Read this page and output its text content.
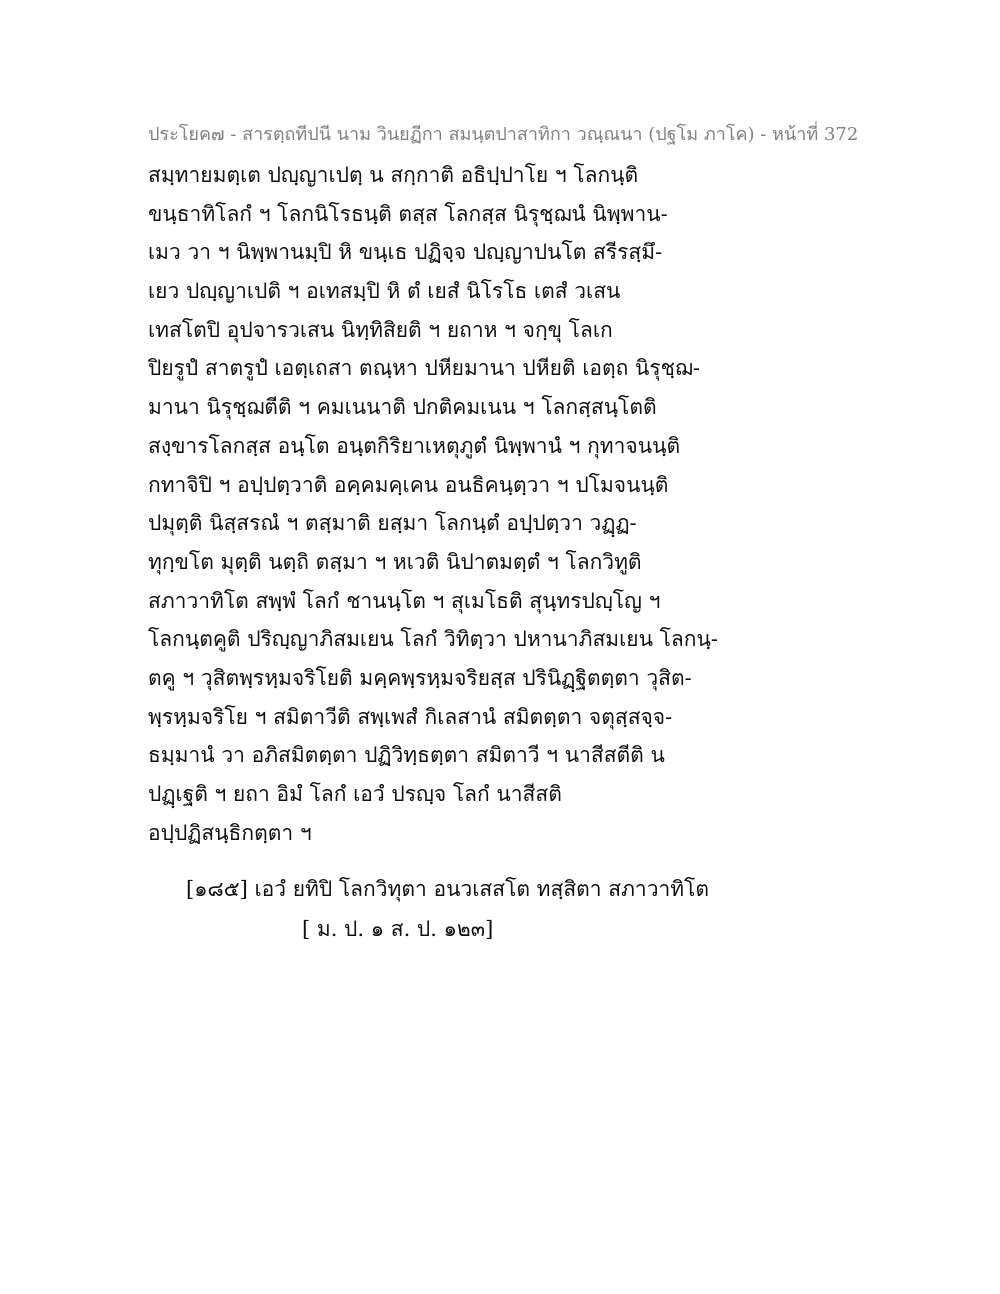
ประโยค๗ - สารตฺถทีปนี นาม วินยฏีกา สมนฺตปาสาทิกา วณฺณนา (ปฐโม ภาโค) - หน้าที่ 372
สมฺทายมตฺเต ปญฺญาเปตฺ น สกฺกาติ อธิปฺปาโย ฯ โลกนฺติ
ขนฺธาทิโลกํ ฯ โลกนิโรธนฺติ ตสฺส โลกสฺส นิรุชฺฌนํ นิพฺพาน-
เมว วา ฯ นิพฺพานมฺปิ หิ ขนฺเธ ปฏิจฺจ ปญฺญาปนโต สรีรสฺมึ-
เยว ปญฺญาเปติ ฯ อเทสมฺปิ หิ ตํ เยสํ นิโรโธ เตสํ วเสน
เทสโตปิ อุปจารวเสน นิทฺทิสิยติ ฯ ยถาห ฯ จกฺขุ โลเก
ปิยรูปํ สาตรูปํ เอตฺเถสา ตณฺหา ปหียมานา ปหียติ เอตฺถ นิรุชฺฌ-
มานา นิรุชฺฌตีติ ฯ คมเนนาติ ปกติคมเนน ฯ โลกสฺสนฺโตติ
สงฺขารโลกสฺส อนฺโต อนฺตกิริยาเหตุภูตํ นิพฺพานํ ฯ กุทาจนนฺติ
กทาจิปิ ฯ อปฺปตฺวาติ อคฺคมคฺเคน อนธิคนฺตฺวา ฯ ปโมจนนฺติ
ปมุตฺติ นิสฺสรณํ ฯ ตสฺมาติ ยสฺมา โลกนฺตํ อปฺปตฺวา วฏฺฏ-
ทุกฺขโต มุตฺติ นตฺถิ ตสฺมา ฯ หเวติ นิปาตมตฺตํ ฯ โลกวิทูติ
สภาวาทิโต สพฺพํ โลกํ ชานนฺโต ฯ สุเมโธติ สุนฺทรปญฺโญ ฯ
โลกนฺตคูติ ปริญฺญาภิสมเยน โลกํ วิทิตฺวา ปหานาภิสมเยน โลกนฺ-
ตคู ฯ วุสิตพฺรหฺมจริโยติ มคฺคพฺรหฺมจริยสฺส ปรินิฏฺฐิตตฺตา วุสิต-
พฺรหฺมจริโย ฯ สมิตาวีติ สพฺเพสํ กิเลสานํ สมิตตฺตา จตุสฺสจฺจ-
ธมฺมานํ วา อภิสมิตตฺตา ปฏิวิทฺธตฺตา สมิตาวี ฯ นาสีสตีติ น
ปฏฺเฐติ ฯ ยถา อิมํ โลกํ เอวํ ปรญฺจ โลกํ นาสีสติ
อปฺปฏิสนฺธิกตฺตา ฯ
[๑๘๕] เอวํ ยทิปิ โลกวิทุตา อนวเสสโต ทสฺสิตา สภาวาทิโต
[ ม. ป. ๑ ส. ป. ๑๒๓]
